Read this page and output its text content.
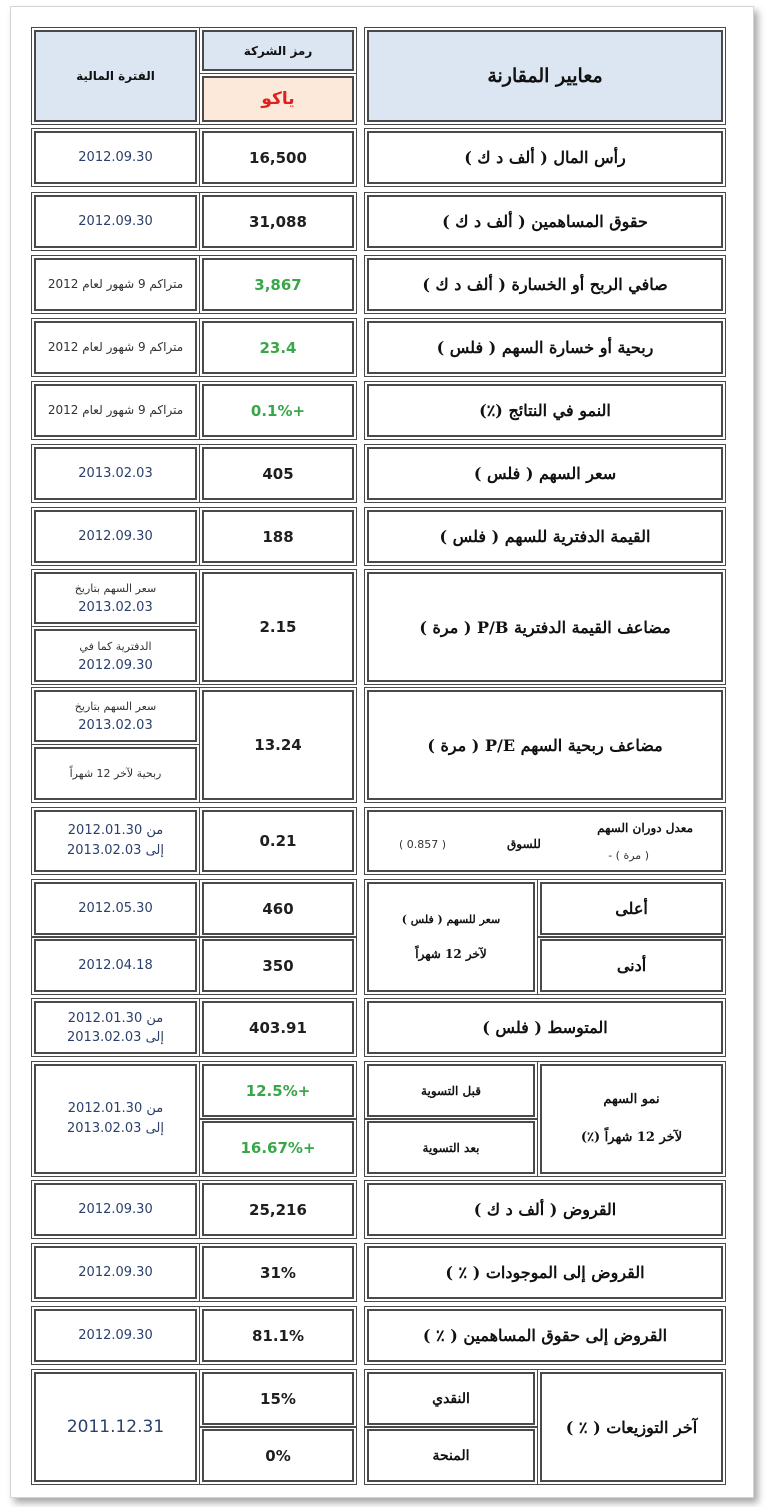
معايير المقارنة
رمز الشركة
ياكو
الفترة المالية
رأس المال ( ألف د ك )
16,500
2012.09.30
حقوق المساهمين ( ألف د ك )
31,088
2012.09.30
صافي الربح أو الخسارة ( ألف د ك )
3,867
متراكم 9 شهور لعام 2012
ربحية أو خسارة السهم ( فلس )
23.4
متراكم 9 شهور لعام 2012
النمو في النتائج (٪)
0.1%+
متراكم 9 شهور لعام 2012
سعر السهم ( فلس )
405
2013.02.03
القيمة الدفترية للسهم ( فلس )
188
2012.09.30
مضاعف القيمة الدفترية P/B ( مرة )
2.15
سعر السهم بتاريخ
2013.02.03
الدفترية كما في
2012.09.30
مضاعف ربحية السهم P/E ( مرة )
13.24
سعر السهم بتاريخ
2013.02.03
ربحية لآخر 12 شهراً
معدل دوران السهم
( مرة ) -
للسوق
( 0.857 )
0.21
من 2012.01.30
إلى 2013.02.03
أعلى
أدنى
سعر للسهم ( فلس )
لآخر 12 شهراً
460
350
2012.05.30
2012.04.18
المتوسط ( فلس )
403.91
من 2012.01.30
إلى 2013.02.03
نمو السهم
لآخر 12 شهراً (٪)
قبل التسوية
بعد التسوية
12.5%+
16.67%+
من 2012.01.30
إلى 2013.02.03
القروض ( ألف د ك )
25,216
2012.09.30
القروض إلى الموجودات ( ٪ )
31%
2012.09.30
القروض إلى حقوق المساهمين ( ٪ )
81.1%
2012.09.30
آخر التوزيعات ( ٪ )
النقدي
المنحة
15%
0%
2011.12.31
